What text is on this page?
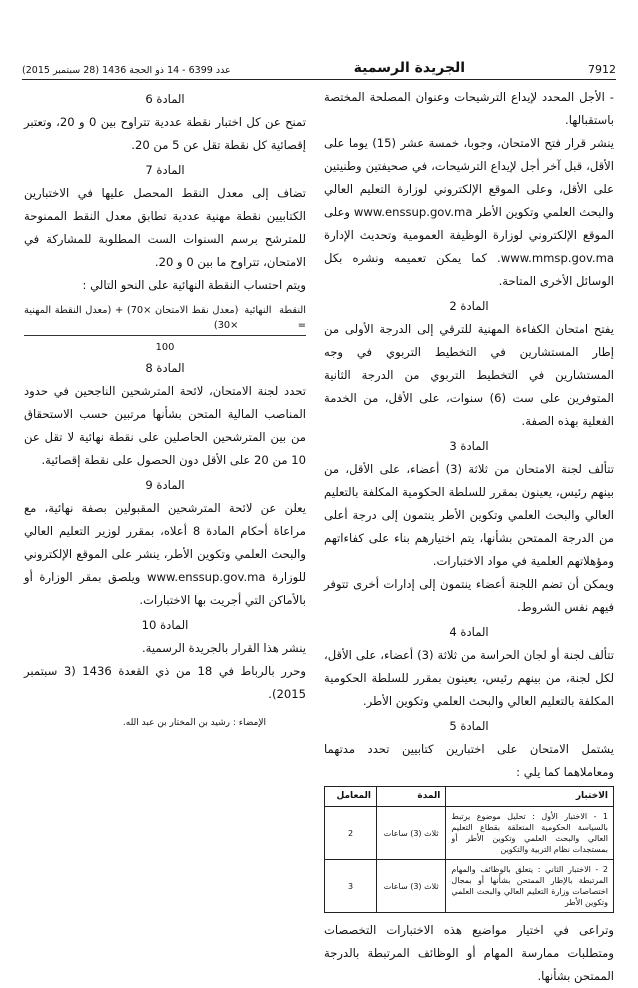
7912
الجريدة الرسمية
عدد 6399 - 14 ذو الحجة 1436 (28 سبتمبر 2015)

- الأجل المحدد لإيداع الترشيحات وعنوان المصلحة المختصة باستقبالها.

ينشر قرار فتح الامتحان، وجوبا، خمسة عشر (15) يوما على الأقل، قبل آخر أجل لإيداع الترشيحات، في صحيفتين وطنيتين على الأقل، وعلى الموقع الإلكتروني لوزارة التعليم العالي والبحث العلمي وتكوين الأطر www.enssup.gov.ma وعلى الموقع الإلكتروني لوزارة الوظيفة العمومية وتحديث الإدارة www.mmsp.gov.ma. كما يمكن تعميمه ونشره بكل الوسائل الأخرى المتاحة.

المادة 2

يفتح امتحان الكفاءة المهنية للترقي إلى الدرجة الأولى من إطار المستشارين في التخطيط التربوي في وجه المستشارين في التخطيط التربوي من الدرجة الثانية المتوفرين على ست (6) سنوات، على الأقل، من الخدمة الفعلية بهذه الصفة.

المادة 3

تتألف لجنة الامتحان من ثلاثة (3) أعضاء، على الأقل، من بينهم رئيس، يعينون بمقرر للسلطة الحكومية المكلفة بالتعليم العالي والبحث العلمي وتكوين الأطر ينتمون إلى درجة أعلى من الدرجة الممتحن بشأنها، يتم اختيارهم بناء على كفاءاتهم ومؤهلاتهم العلمية في مواد الاختبارات.

ويمكن أن تضم اللجنة أعضاء ينتمون إلى إدارات أخرى تتوفر فيهم نفس الشروط.

المادة 4

تتألف لجنة أو لجان الحراسة من ثلاثة (3) أعضاء، على الأقل، لكل لجنة، من بينهم رئيس، يعينون بمقرر للسلطة الحكومية المكلفة بالتعليم العالي والبحث العلمي وتكوين الأطر.

المادة 5

يشتمل الامتحان على اختبارين كتابيين تحدد مدتهما ومعاملاهما كما يلي :

الاختبار	المدة	المعامل
1 - الاختبار الأول : تحليل موضوع يرتبط بالسياسة الحكومية المتعلقة بقطاع التعليم العالي والبحث العلمي وتكوين الأطر أو بمستجدات نظام التربية والتكوين	ثلاث (3) ساعات	2
2 - الاختبار الثاني : يتعلق بالوظائف والمهام المرتبطة بالإطار الممتحن بشأنها أو بمجال اختصاصات وزارة التعليم العالي والبحث العلمي وتكوين الأطر	ثلاث (3) ساعات	3

وتراعى في اختيار مواضيع هذه الاختبارات التخصصات ومتطلبات ممارسة المهام أو الوظائف المرتبطة بالدرجة الممتحن بشأنها.

المادة 6

تمنح عن كل اختبار نقطة عددية تتراوح بين 0 و 20، وتعتبر إقصائية كل نقطة تقل عن 5 من 20.

المادة 7

تضاف إلى معدل النقط المحصل عليها في الاختبارين الكتابيين نقطة مهنية عددية تطابق معدل النقط الممنوحة للمترشح برسم السنوات الست المطلوبة للمشاركة في الامتحان، تتراوح ما بين 0 و 20.

ويتم احتساب النقطة النهائية على النحو التالي :

النقطة النهائية =
(معدل نقط الامتحان ×70) + (معدل النقطة المهنية ×30)
100

المادة 8

تحدد لجنة الامتحان، لائحة المترشحين الناجحين في حدود المناصب المالية المتحن بشأنها مرتبين حسب الاستحقاق من بين المترشحين الحاصلين على نقطة نهائية لا تقل عن 10 من 20 على الأقل دون الحصول على نقطة إقصائية.

المادة 9

يعلن عن لائحة المترشحين المقبولين بصفة نهائية، مع مراعاة أحكام المادة 8 أعلاه، بمقرر لوزير التعليم العالي والبحث العلمي وتكوين الأطر، ينشر على الموقع الإلكتروني للوزارة www.enssup.gov.ma ويلصق بمقر الوزارة أو بالأماكن التي أجريت بها الاختبارات.

المادة 10

ينشر هذا القرار بالجريدة الرسمية.

وحرر بالرباط في 18 من ذي القعدة 1436 (3 سبتمبر 2015).

الإمضاء : رشيد بن المختار بن عبد الله.
